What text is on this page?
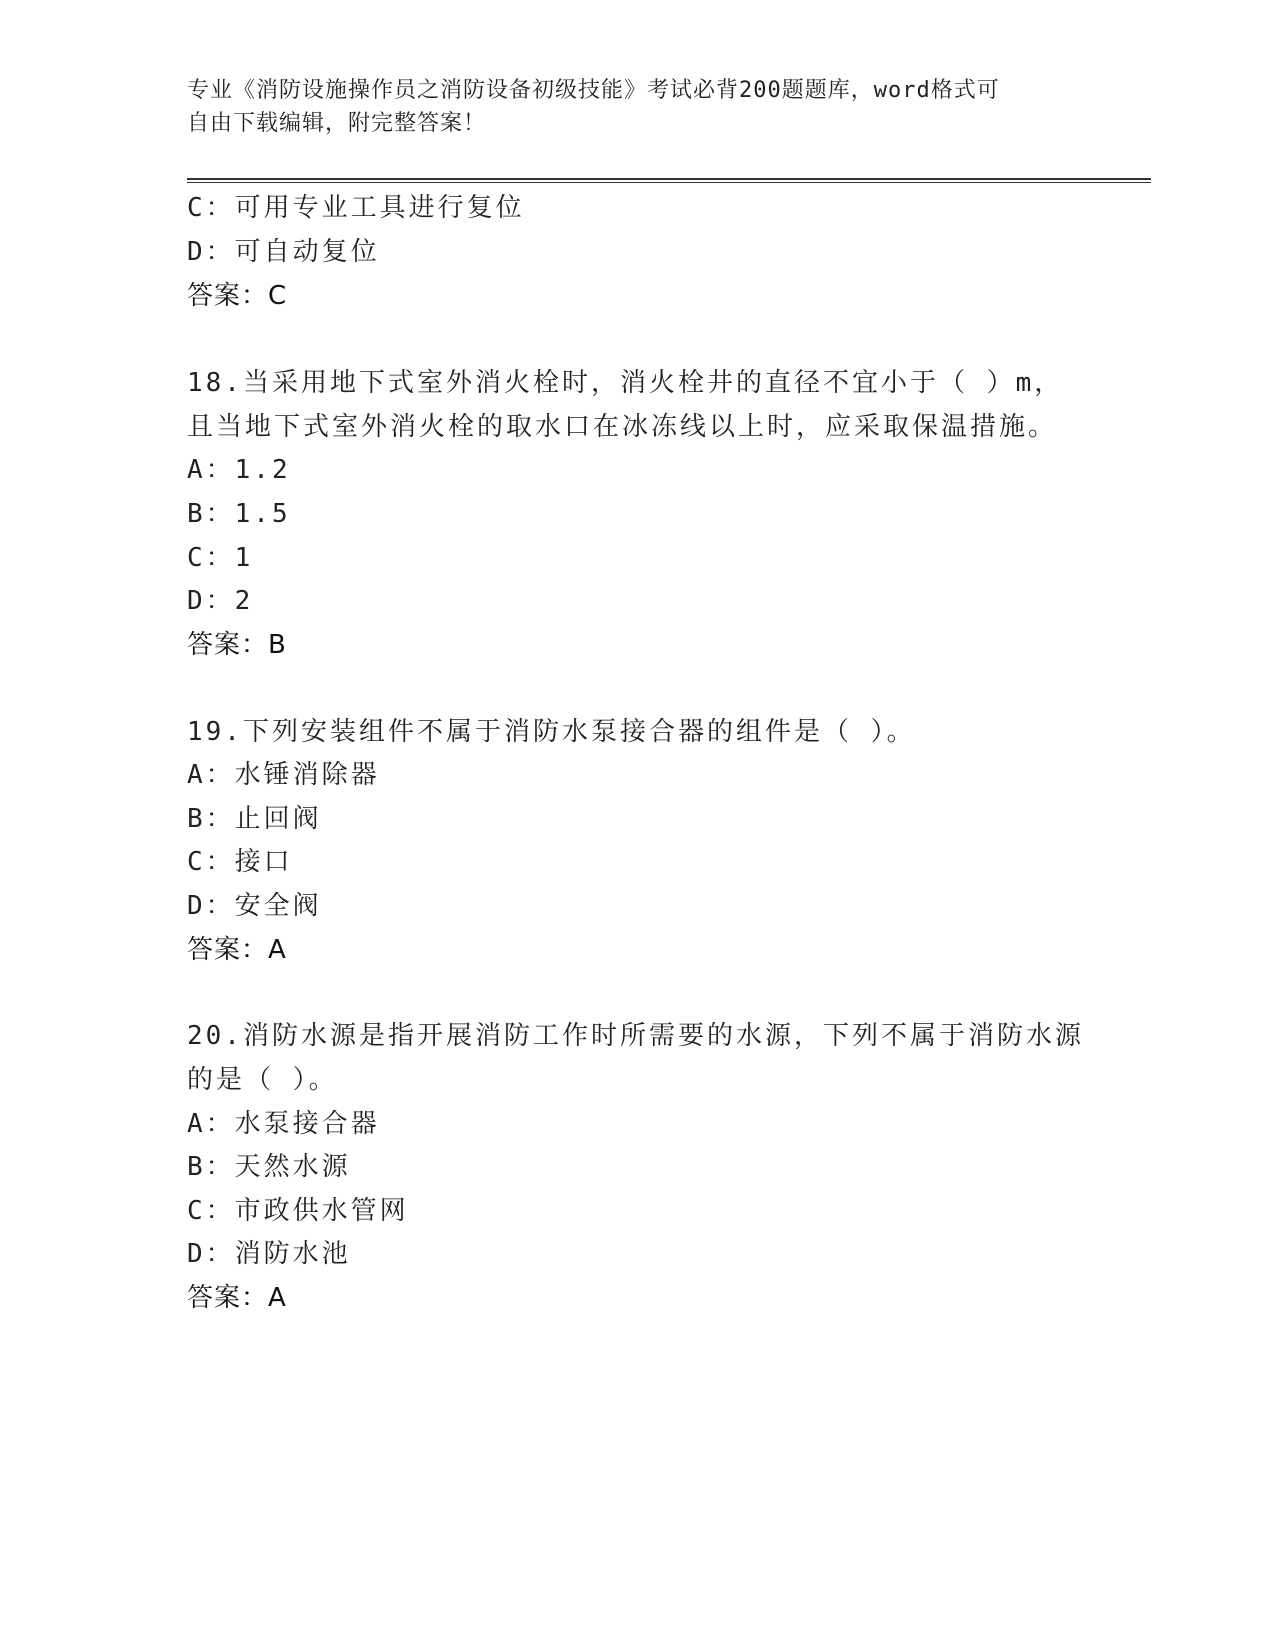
专业《消防设施操作员之消防设备初级技能》考试必背200题题库，word格式可
自由下载编辑，附完整答案！
C：可用专业工具进行复位
D：可自动复位
答案：C
18.当采用地下式室外消火栓时，消火栓井的直径不宜小于（ ）m，
且当地下式室外消火栓的取水口在冰冻线以上时，应采取保温措施。
A：1.2
B：1.5
C：1
D：2
答案：B
19.下列安装组件不属于消防水泵接合器的组件是（ ）。
A：水锤消除器
B：止回阀
C：接口
D：安全阀
答案：A
20.消防水源是指开展消防工作时所需要的水源，下列不属于消防水源
的是（ ）。
A：水泵接合器
B：天然水源
C：市政供水管网
D：消防水池
答案：A
